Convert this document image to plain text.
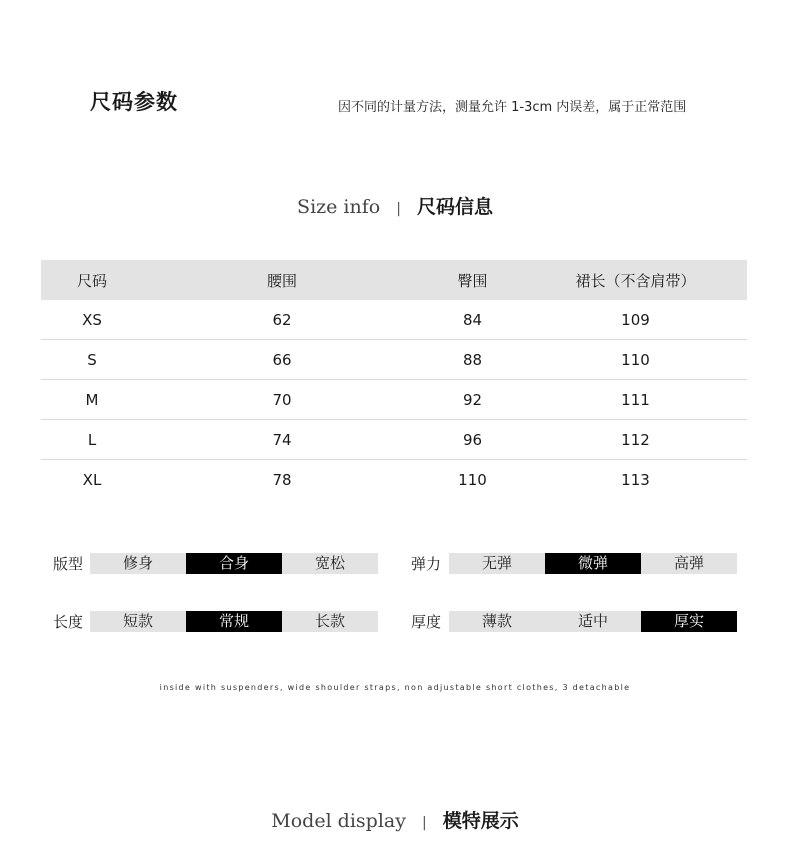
尺码参数	因不同的计量方法，测量允许 1-3cm 内误差，属于正常范围
Size info | 尺码信息
尺码	腰围	臀围	裙长（不含肩带）
XS	62	84	109
S	66	88	110
M	70	92	111
L	74	96	112
XL	78	110	113
版型	修身	合身	宽松	弹力	无弹	微弹	高弹
长度	短款	常规	长款	厚度	薄款	适中	厚实
inside with suspenders, wide shoulder straps, non adjustable short clothes, 3 detachable
Model display | 模特展示
